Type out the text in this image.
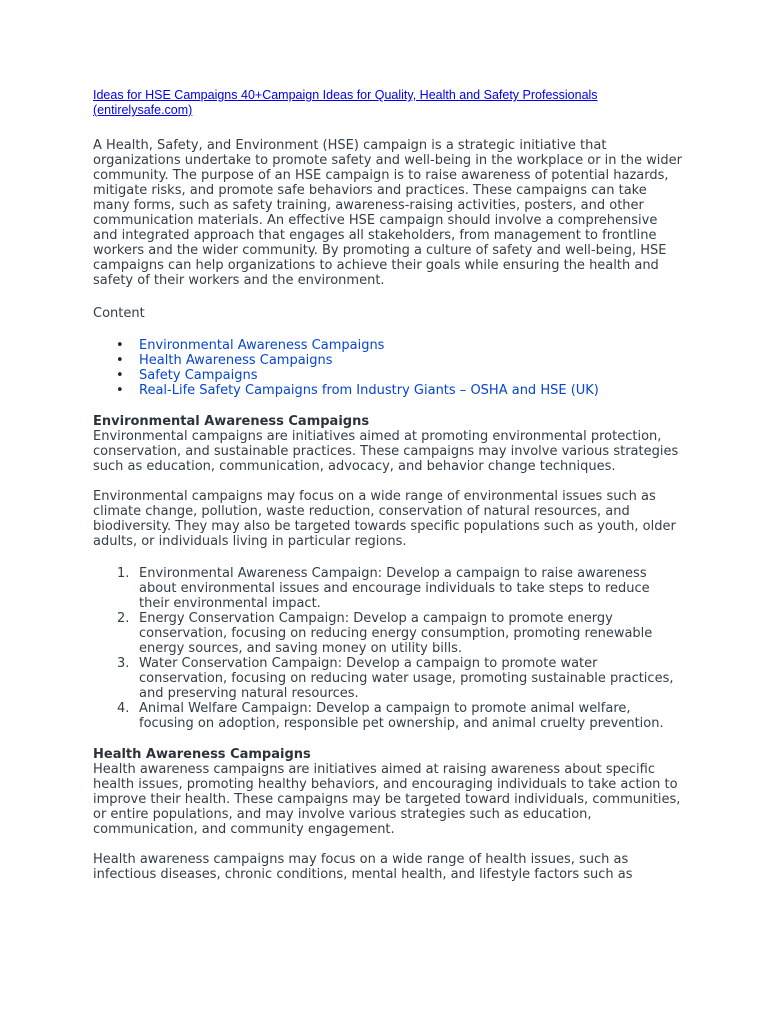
Ideas for HSE Campaigns 40+Campaign Ideas for Quality, Health and Safety Professionals (entirelysafe.com)

A Health, Safety, and Environment (HSE) campaign is a strategic initiative that organizations undertake to promote safety and well-being in the workplace or in the wider community. The purpose of an HSE campaign is to raise awareness of potential hazards, mitigate risks, and promote safe behaviors and practices. These campaigns can take many forms, such as safety training, awareness-raising activities, posters, and other communication materials. An effective HSE campaign should involve a comprehensive and integrated approach that engages all stakeholders, from management to frontline workers and the wider community. By promoting a culture of safety and well-being, HSE campaigns can help organizations to achieve their goals while ensuring the health and safety of their workers and the environment.

Content

• Environmental Awareness Campaigns
• Health Awareness Campaigns
• Safety Campaigns
• Real-Life Safety Campaigns from Industry Giants – OSHA and HSE (UK)
Environmental Awareness Campaigns

Environmental campaigns are initiatives aimed at promoting environmental protection, conservation, and sustainable practices. These campaigns may involve various strategies such as education, communication, advocacy, and behavior change techniques.

Environmental campaigns may focus on a wide range of environmental issues such as climate change, pollution, waste reduction, conservation of natural resources, and biodiversity. They may also be targeted towards specific populations such as youth, older adults, or individuals living in particular regions.

1. Environmental Awareness Campaign: Develop a campaign to raise awareness about environmental issues and encourage individuals to take steps to reduce their environmental impact.
2. Energy Conservation Campaign: Develop a campaign to promote energy conservation, focusing on reducing energy consumption, promoting renewable energy sources, and saving money on utility bills.
3. Water Conservation Campaign: Develop a campaign to promote water conservation, focusing on reducing water usage, promoting sustainable practices, and preserving natural resources.
4. Animal Welfare Campaign: Develop a campaign to promote animal welfare, focusing on adoption, responsible pet ownership, and animal cruelty prevention.
Health Awareness Campaigns

Health awareness campaigns are initiatives aimed at raising awareness about specific health issues, promoting healthy behaviors, and encouraging individuals to take action to improve their health. These campaigns may be targeted toward individuals, communities, or entire populations, and may involve various strategies such as education, communication, and community engagement.

Health awareness campaigns may focus on a wide range of health issues, such as infectious diseases, chronic conditions, mental health, and lifestyle factors such as
